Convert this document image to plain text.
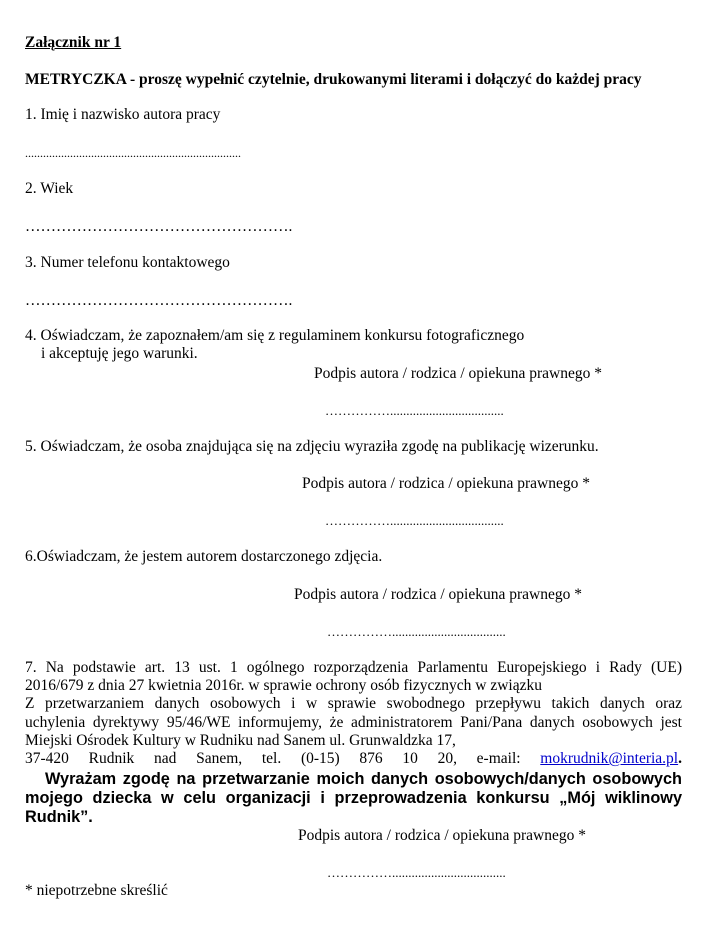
Załącznik nr 1
METRYCZKA - proszę wypełnić czytelnie, drukowanymi literami i dołączyć do każdej pracy
1. Imię i nazwisko autora pracy
........................................................................
2. Wiek
…………………………………………….
3. Numer telefonu kontaktowego
…………………………………………….
4. Oświadczam, że zapoznałem/am się z regulaminem konkursu fotograficznego
i akceptuję jego warunki.
Podpis autora / rodzica / opiekuna prawnego *
……………...................................
5. Oświadczam, że osoba znajdująca się na zdjęciu wyraziła zgodę na publikację wizerunku.
Podpis autora / rodzica / opiekuna prawnego *
……………...................................
6.Oświadczam, że jestem autorem dostarczonego zdjęcia.
Podpis autora / rodzica / opiekuna prawnego *
……………...................................
7. Na podstawie art. 13 ust. 1 ogólnego rozporządzenia Parlamentu Europejskiego i Rady (UE)
2016/679 z dnia 27 kwietnia 2016r. w sprawie ochrony osób fizycznych w związku
Z przetwarzaniem danych osobowych i w sprawie swobodnego przepływu takich danych oraz
uchylenia dyrektywy 95/46/WE informujemy, że administratorem Pani/Pana danych osobowych jest
Miejski Ośrodek Kultury w Rudniku nad Sanem ul. Grunwaldzka 17,
37-420 Rudnik nad Sanem, tel. (0-15) 876 10 20, e-mail: mokrudnik@interia.pl.
Wyrażam zgodę na przetwarzanie moich danych osobowych/danych osobowych
mojego dziecka w celu organizacji i przeprowadzenia konkursu „Mój wiklinowy
Rudnik”.
Podpis autora / rodzica / opiekuna prawnego *
……………...................................
* niepotrzebne skreślić
